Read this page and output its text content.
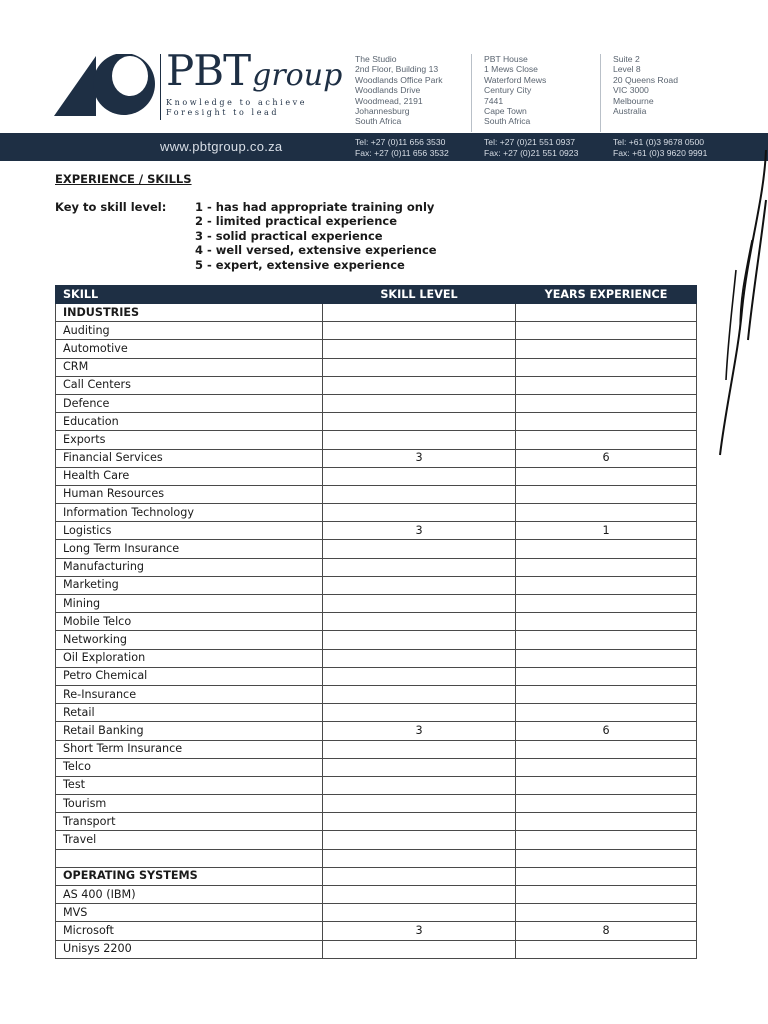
PBTgroup
Knowledge to achieve
Foresight to lead
The Studio
2nd Floor, Building 13
Woodlands Office Park
Woodlands Drive
Woodmead, 2191
Johannesburg
South Africa
PBT House
1 Mews Close
Waterford Mews
Century City
7441
Cape Town
South Africa
Suite 2
Level 8
20 Queens Road
VIC 3000
Melbourne
Australia
www.pbtgroup.co.za	Tel: +27 (0)11 656 3530
Fax: +27 (0)11 656 3532
Tel: +27 (0)21 551 0937
Fax: +27 (0)21 551 0923
Tel: +61 (0)3 9678 0500
Fax: +61 (0)3 9620 9991
EXPERIENCE / SKILLS
Key to skill level: 1 - has had appropriate training only
2 - limited practical experience
3 - solid practical experience
4 - well versed, extensive experience
5 - expert, extensive experience
SKILL	SKILL LEVEL	YEARS EXPERIENCE
INDUSTRIES		
Auditing		
Automotive		
CRM		
Call Centers		
Defence		
Education		
Exports		
Financial Services	3	6
Health Care		
Human Resources		
Information Technology		
Logistics	3	1
Long Term Insurance		
Manufacturing		
Marketing		
Mining		
Mobile Telco		
Networking		
Oil Exploration		
Petro Chemical		
Re-Insurance		
Retail		
Retail Banking	3	6
Short Term Insurance		
Telco		
Test		
Tourism		
Transport		
Travel		

OPERATING SYSTEMS		
AS 400 (IBM)		
MVS		
Microsoft	3	8
Unisys 2200		
